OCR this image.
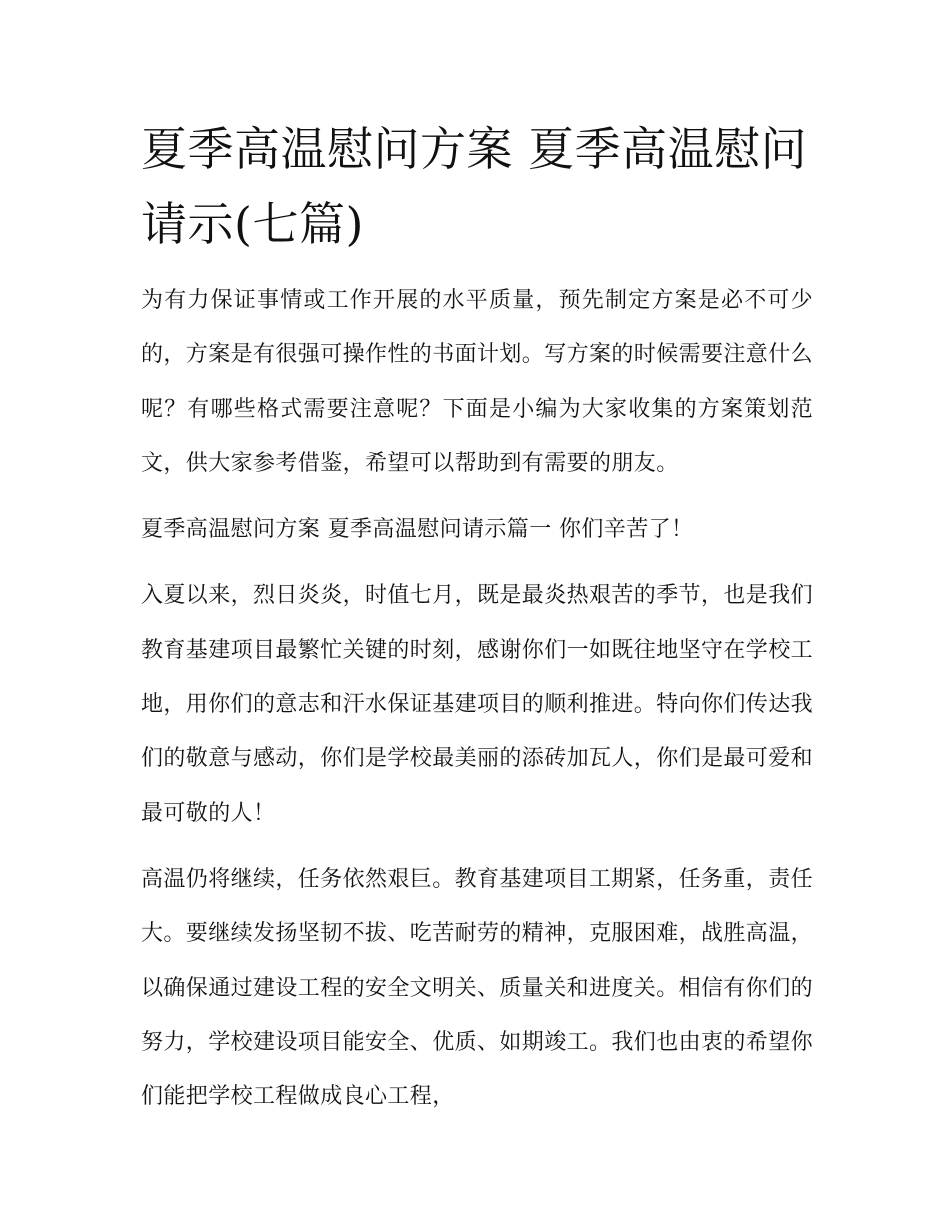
夏季高温慰问方案 夏季高温慰问请示(七篇)

为有力保证事情或工作开展的水平质量，预先制定方案是必不可少的，方案是有很强可操作性的书面计划。写方案的时候需要注意什么呢？有哪些格式需要注意呢？下面是小编为大家收集的方案策划范文，供大家参考借鉴，希望可以帮助到有需要的朋友。

夏季高温慰问方案 夏季高温慰问请示篇一 你们辛苦了！

入夏以来，烈日炎炎，时值七月，既是最炎热艰苦的季节，也是我们教育基建项目最繁忙关键的时刻，感谢你们一如既往地坚守在学校工地，用你们的意志和汗水保证基建项目的顺利推进。特向你们传达我们的敬意与感动，你们是学校最美丽的添砖加瓦人，你们是最可爱和最可敬的人！

高温仍将继续，任务依然艰巨。教育基建项目工期紧，任务重，责任大。要继续发扬坚韧不拔、吃苦耐劳的精神，克服困难，战胜高温，以确保通过建设工程的安全文明关、质量关和进度关。相信有你们的努力，学校建设项目能安全、优质、如期竣工。我们也由衷的希望你们能把学校工程做成良心工程，
